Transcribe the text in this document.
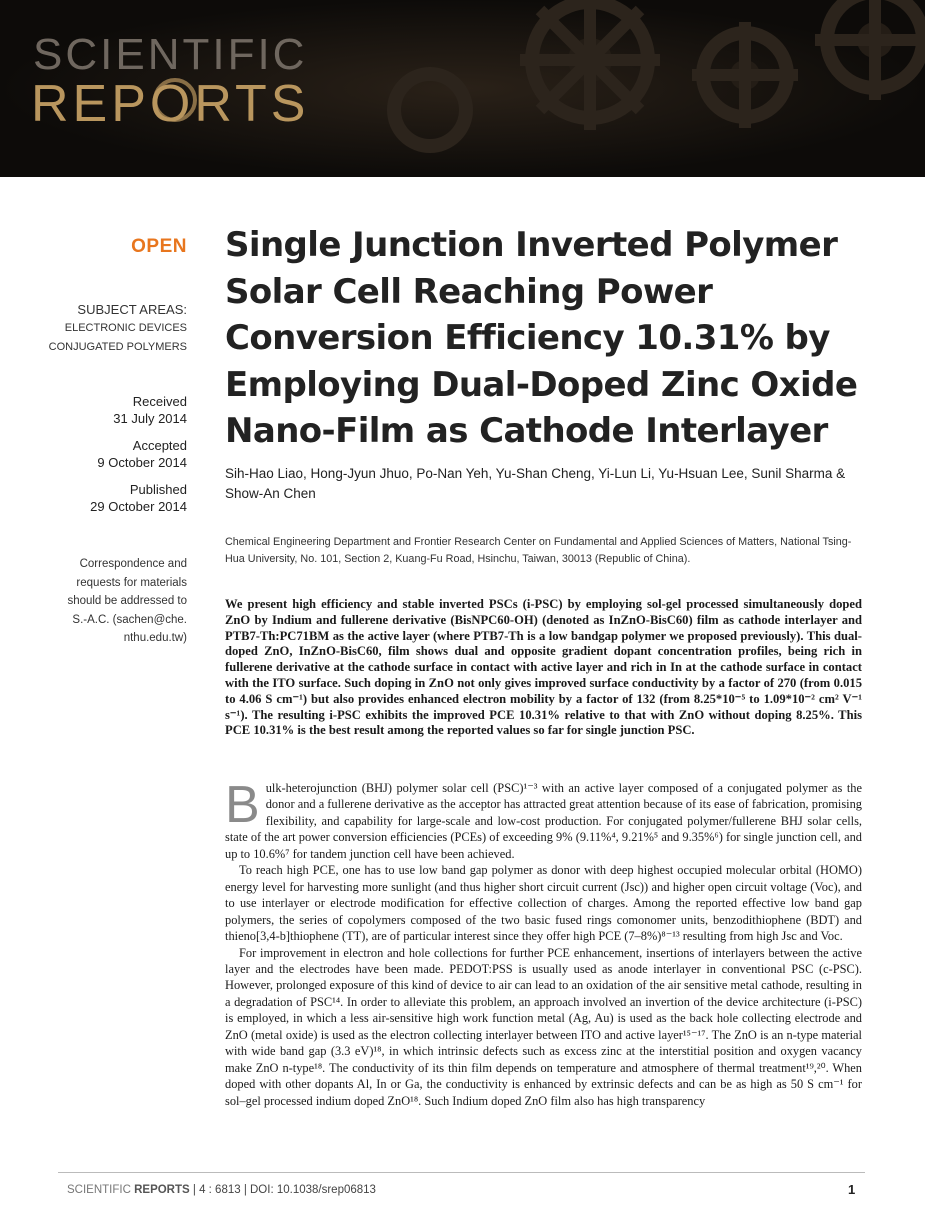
SCIENTIFIC
REPORTS
OPEN
SUBJECT AREAS:
ELECTRONIC DEVICES
CONJUGATED POLYMERS
Received
31 July 2014
Accepted
9 October 2014
Published
29 October 2014
Correspondence and
requests for materials
should be addressed to
S.-A.C. (sachen@che.
nthu.edu.tw)
Single Junction Inverted Polymer Solar Cell Reaching Power Conversion Efficiency 10.31% by Employing Dual-Doped Zinc Oxide Nano-Film as Cathode Interlayer
Sih-Hao Liao, Hong-Jyun Jhuo, Po-Nan Yeh, Yu-Shan Cheng, Yi-Lun Li, Yu-Hsuan Lee, Sunil Sharma & Show-An Chen
Chemical Engineering Department and Frontier Research Center on Fundamental and Applied Sciences of Matters, National Tsing-Hua University, No. 101, Section 2, Kuang-Fu Road, Hsinchu, Taiwan, 30013 (Republic of China).
We present high efficiency and stable inverted PSCs (i-PSC) by employing sol-gel processed simultaneously doped ZnO by Indium and fullerene derivative (BisNPC60-OH) (denoted as InZnO-BisC60) film as cathode interlayer and PTB7-Th:PC71BM as the active layer (where PTB7-Th is a low bandgap polymer we proposed previously). This dual-doped ZnO, InZnO-BisC60, film shows dual and opposite gradient dopant concentration profiles, being rich in fullerene derivative at the cathode surface in contact with active layer and rich in In at the cathode surface in contact with the ITO surface. Such doping in ZnO not only gives improved surface conductivity by a factor of 270 (from 0.015 to 4.06 S cm⁻¹) but also provides enhanced electron mobility by a factor of 132 (from 8.25*10⁻⁵ to 1.09*10⁻² cm² V⁻¹ s⁻¹). The resulting i-PSC exhibits the improved PCE 10.31% relative to that with ZnO without doping 8.25%. This PCE 10.31% is the best result among the reported values so far for single junction PSC.

Bulk-heterojunction (BHJ) polymer solar cell (PSC)¹⁻³ with an active layer composed of a conjugated polymer as the donor and a fullerene derivative as the acceptor has attracted great attention because of its ease of fabrication, promising flexibility, and capability for large-scale and low-cost production. For conjugated polymer/fullerene BHJ solar cells, state of the art power conversion efficiencies (PCEs) of exceeding 9% (9.11%⁴, 9.21%⁵ and 9.35%⁶) for single junction cell, and up to 10.6%⁷ for tandem junction cell have been achieved.

To reach high PCE, one has to use low band gap polymer as donor with deep highest occupied molecular orbital (HOMO) energy level for harvesting more sunlight (and thus higher short circuit current (Jsc)) and higher open circuit voltage (Voc), and to use interlayer or electrode modification for effective collection of charges. Among the reported effective low band gap polymers, the series of copolymers composed of the two basic fused rings comonomer units, benzodithiophene (BDT) and thieno[3,4-b]thiophene (TT), are of particular interest since they offer high PCE (7–8%)⁸⁻¹³ resulting from high Jsc and Voc.

For improvement in electron and hole collections for further PCE enhancement, insertions of interlayers between the active layer and the electrodes have been made. PEDOT:PSS is usually used as anode interlayer in conventional PSC (c-PSC). However, prolonged exposure of this kind of device to air can lead to an oxidation of the air sensitive metal cathode, resulting in a degradation of PSC¹⁴. In order to alleviate this problem, an approach involved an invertion of the device architecture (i-PSC) is employed, in which a less air-sensitive high work function metal (Ag, Au) is used as the back hole collecting electrode and ZnO (metal oxide) is used as the electron collecting interlayer between ITO and active layer¹⁵⁻¹⁷. The ZnO is an n-type material with wide band gap (3.3 eV)¹⁸, in which intrinsic defects such as excess zinc at the interstitial position and oxygen vacancy make ZnO n-type¹⁸. The conductivity of its thin film depends on temperature and atmosphere of thermal treatment¹⁹,²⁰. When doped with other dopants Al, In or Ga, the conductivity is enhanced by extrinsic defects and can be as high as 50 S cm⁻¹ for sol–gel processed indium doped ZnO¹⁸. Such Indium doped ZnO film also has high transparency

SCIENTIFIC REPORTS | 4 : 6813 | DOI: 10.1038/srep06813	1
